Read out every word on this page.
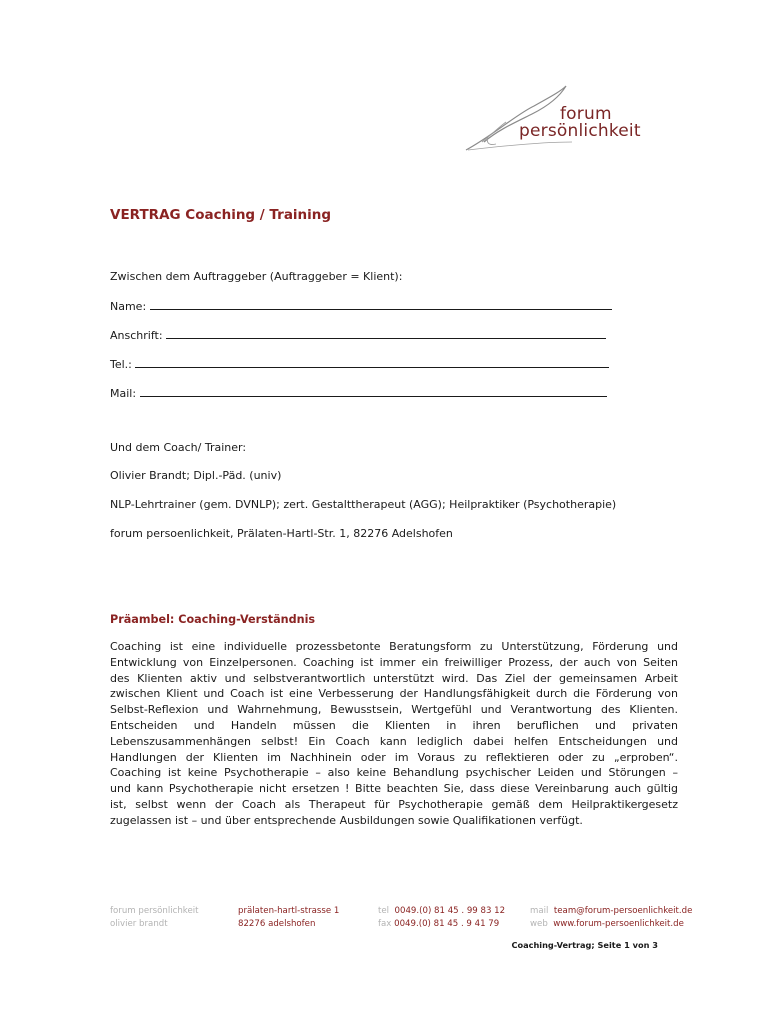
forum
persönlichkeit
VERTRAG Coaching / Training
Zwischen dem Auftraggeber (Auftraggeber = Klient):
Name:
Anschrift:
Tel.:
Mail:
Und dem Coach/ Trainer:
Olivier Brandt; Dipl.-Päd. (univ)
NLP-Lehrtrainer (gem. DVNLP); zert. Gestalttherapeut (AGG); Heilpraktiker (Psychotherapie)
forum persoenlichkeit, Prälaten-Hartl-Str. 1, 82276 Adelshofen
Präambel: Coaching-Verständnis
Coaching ist eine individuelle prozessbetonte Beratungsform zu Unterstützung, Förderung und
Entwicklung von Einzelpersonen. Coaching ist immer ein freiwilliger Prozess, der auch von Seiten
des Klienten aktiv und selbstverantwortlich unterstützt wird. Das Ziel der gemeinsamen Arbeit
zwischen Klient und Coach ist eine Verbesserung der Handlungsfähigkeit durch die Förderung von
Selbst-Reflexion und Wahrnehmung, Bewusstsein, Wertgefühl und Verantwortung des Klienten.
Entscheiden und Handeln müssen die Klienten in ihren beruflichen und privaten
Lebenszusammenhängen selbst! Ein Coach kann lediglich dabei helfen Entscheidungen und
Handlungen der Klienten im Nachhinein oder im Voraus zu reflektieren oder zu „erproben“.
Coaching ist keine Psychotherapie – also keine Behandlung psychischer Leiden und Störungen –
und kann Psychotherapie nicht ersetzen ! Bitte beachten Sie, dass diese Vereinbarung auch gültig
ist, selbst wenn der Coach als Therapeut für Psychotherapie gemäß dem Heilpraktikergesetz
zugelassen ist – und über entsprechende Ausbildungen sowie Qualifikationen verfügt.
forum persönlichkeit
olivier brandt
prälaten-hartl-strasse 1
82276 adelshofen
tel 0049.(0) 81 45 . 99 83 12
fax 0049.(0) 81 45 . 9 41 79
mail team@forum-persoenlichkeit.de
web www.forum-persoenlichkeit.de
Coaching-Vertrag; Seite 1 von 3
